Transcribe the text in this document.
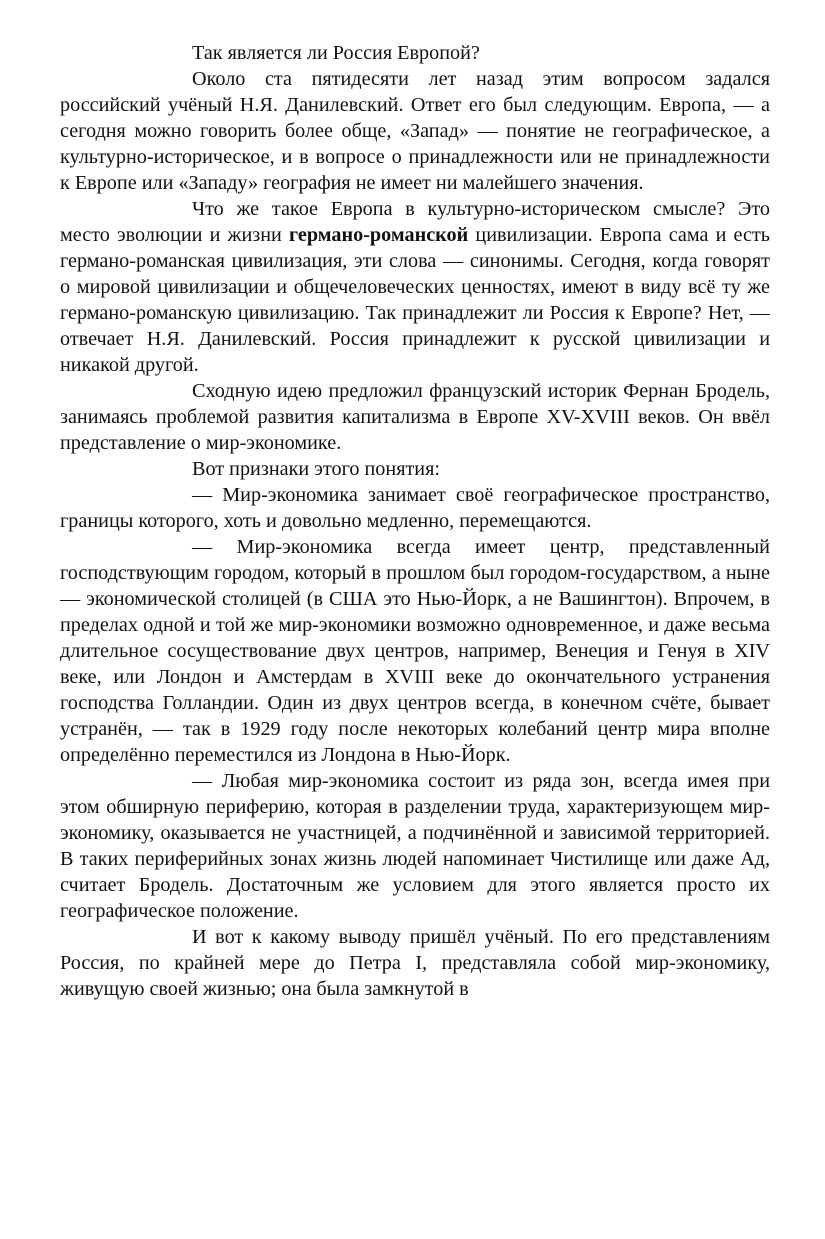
Так является ли Россия Европой?

Около ста пятидесяти лет назад этим вопросом задался российский учёный Н.Я. Данилевский. Ответ его был следующим. Европа, — а сегодня можно говорить более обще, «Запад» — понятие не географическое, а культурно-историческое, и в вопросе о принадлежности или не принадлежности к Европе или «Западу» география не имеет ни малейшего значения.

Что же такое Европа в культурно-историческом смысле? Это место эволюции и жизни германо-романской цивилизации. Европа сама и есть германо-романская цивилизация, эти слова — синонимы. Сегодня, когда говорят о мировой цивилизации и общечеловеческих ценностях, имеют в виду всё ту же германо-романскую цивилизацию. Так принадлежит ли Россия к Европе? Нет, — отвечает Н.Я. Данилевский. Россия принадлежит к русской цивилизации и никакой другой.

Сходную идею предложил французский историк Фернан Бродель, занимаясь проблемой развития капитализма в Европе XV-XVIII веков. Он ввёл представление о мир-экономике.

Вот признаки этого понятия:

— Мир-экономика занимает своё географическое пространство, границы которого, хоть и довольно медленно, перемещаются.

— Мир-экономика всегда имеет центр, представленный господствующим городом, который в прошлом был городом-государством, а ныне — экономической столицей (в США это Нью-Йорк, а не Вашингтон). Впрочем, в пределах одной и той же мир-экономики возможно одновременное, и даже весьма длительное сосуществование двух центров, например, Венеция и Генуя в XIV веке, или Лондон и Амстердам в XVIII веке до окончательного устранения господства Голландии. Один из двух центров всегда, в конечном счёте, бывает устранён, — так в 1929 году после некоторых колебаний центр мира вполне определённо переместился из Лондона в Нью-Йорк.

— Любая мир-экономика состоит из ряда зон, всегда имея при этом обширную периферию, которая в разделении труда, характеризующем мир-экономику, оказывается не участницей, а подчинённой и зависимой территорией. В таких периферийных зонах жизнь людей напоминает Чистилище или даже Ад, считает Бродель. Достаточным же условием для этого является просто их географическое положение.

И вот к какому выводу пришёл учёный. По его представлениям Россия, по крайней мере до Петра I, представляла собой мир-экономику, живущую своей жизнью; она была замкнутой в
